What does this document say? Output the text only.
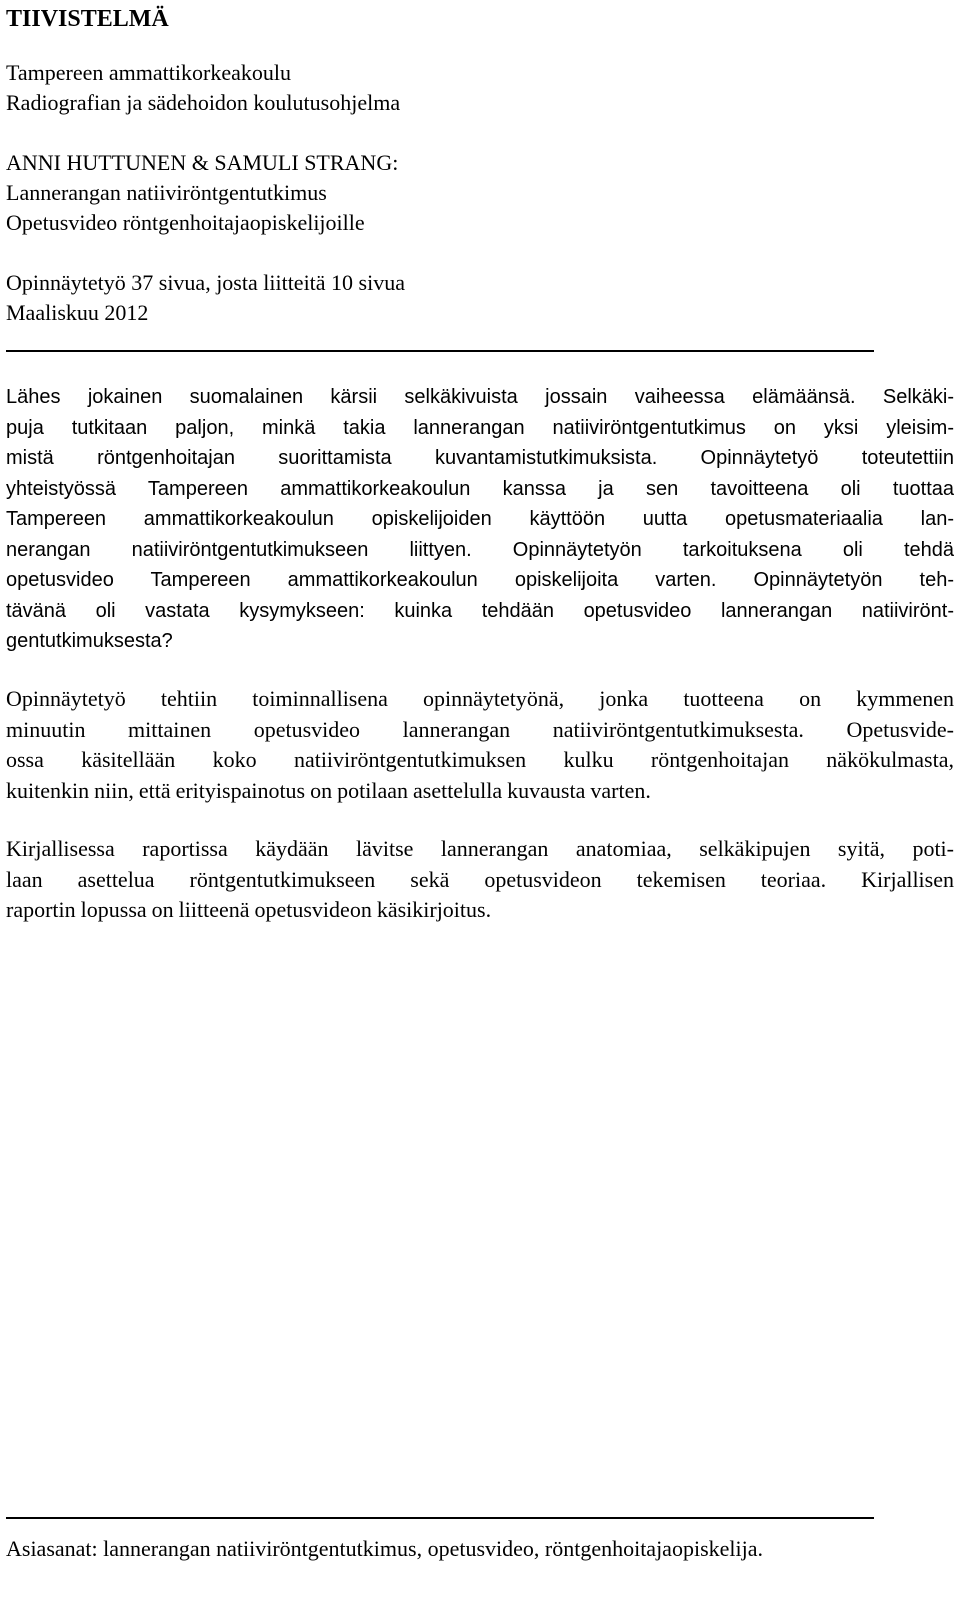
TIIVISTELMÄ
Tampereen ammattikorkeakoulu
Radiografian ja sädehoidon koulutusohjelma
ANNI HUTTUNEN & SAMULI STRANG:
Lannerangan natiiviröntgentutkimus
Opetusvideo röntgenhoitajaopiskelijoille
Opinnäytetyö 37 sivua, josta liitteitä 10 sivua
Maaliskuu 2012
Lähes jokainen suomalainen kärsii selkäkivuista jossain vaiheessa elämäänsä. Selkäki-
puja tutkitaan paljon, minkä takia lannerangan natiiviröntgentutkimus on yksi yleisim-
mistä röntgenhoitajan suorittamista kuvantamistutkimuksista. Opinnäytetyö toteutettiin
yhteistyössä Tampereen ammattikorkeakoulun kanssa ja sen tavoitteena oli tuottaa
Tampereen ammattikorkeakoulun opiskelijoiden käyttöön uutta opetusmateriaalia lan-
nerangan natiiviröntgentutkimukseen liittyen. Opinnäytetyön tarkoituksena oli tehdä
opetusvideo Tampereen ammattikorkeakoulun opiskelijoita varten. Opinnäytetyön teh-
tävänä oli vastata kysymykseen: kuinka tehdään opetusvideo lannerangan natiivirönt-
gentutkimuksesta?
Opinnäytetyö tehtiin toiminnallisena opinnäytetyönä, jonka tuotteena on kymmenen
minuutin mittainen opetusvideo lannerangan natiiviröntgentutkimuksesta. Opetusvide-
ossa käsitellään koko natiiviröntgentutkimuksen kulku röntgenhoitajan näkökulmasta,
kuitenkin niin, että erityispainotus on potilaan asettelulla kuvausta varten.
Kirjallisessa raportissa käydään lävitse lannerangan anatomiaa, selkäkipujen syitä, poti-
laan asettelua röntgentutkimukseen sekä opetusvideon tekemisen teoriaa. Kirjallisen
raportin lopussa on liitteenä opetusvideon käsikirjoitus.
Asiasanat: lannerangan natiiviröntgentutkimus, opetusvideo, röntgenhoitajaopiskelija.
